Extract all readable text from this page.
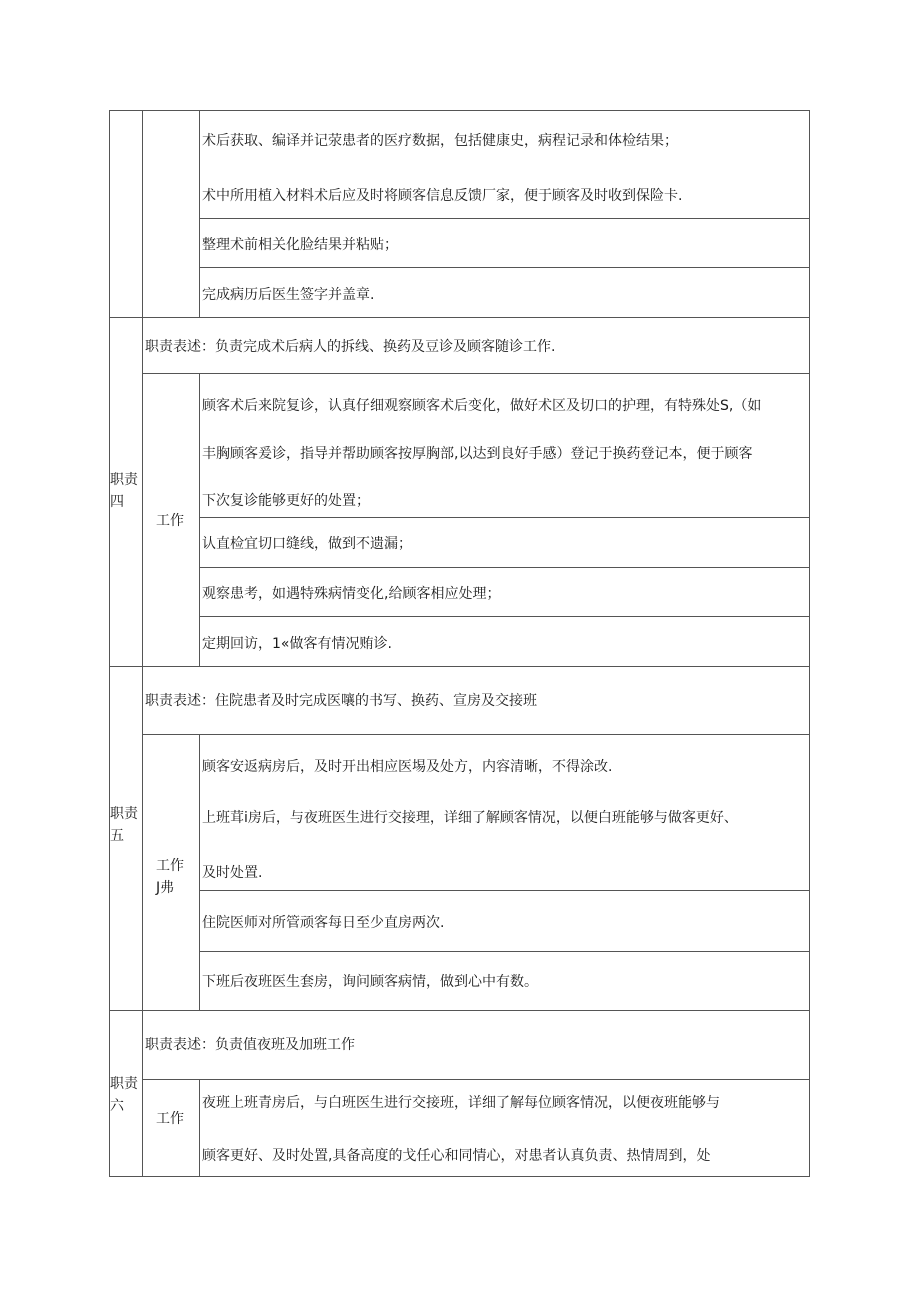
术后获取、编译并记荥患者的医疗数据，包括健康史，病程记录和体检结果；
术中所用植入材料术后应及时将顾客信息反馈厂家，便于顾客及时收到保险卡.
整理术前相关化脸结果并粘贴；
完成病历后医生签字并盖章.
职责
四
职责表述：负责完成术后病人的拆线、换药及豆诊及顾客随诊工作.
工作
顾客术后来院复诊，认真仔细观察顾客术后变化，做好术区及切口的护理，有特殊处S,（如
丰胸顾客爰诊，指导并帮助顾客按厚胸部,以达到良好手感）登记于换药登记本，便于顾客
下次复诊能够更好的处置；
认直检宜切口缝线，做到不遗漏；
观察患考，如遇特殊病情变化,给顾客相应处理；
定期回访，1«做客有情况贿诊.
职责
五
职责表述：住院患者及时完成医嚷的书写、换药、宣房及交接班
工作
J弗
顾客安返病房后，及时开出相应医埸及处方，内容清晰，不得涂改.
上班茸i房后，与夜班医生进行交接理，详细了解顾客情况，以便白班能够与做客更好、
及时处置.
住院医师对所管顽客每日至少直房两次.
下班后夜班医生套房，询问顾客病情，做到心中有数。
职责
六
职责表述：负责值夜班及加班工作
工作
夜班上班青房后，与白班医生进行交接班，详细了解每位顾客情况，以便夜班能够与
顾客更好、及时处置,具备高度的戈任心和同情心，对患者认真负责、热情周到，处
